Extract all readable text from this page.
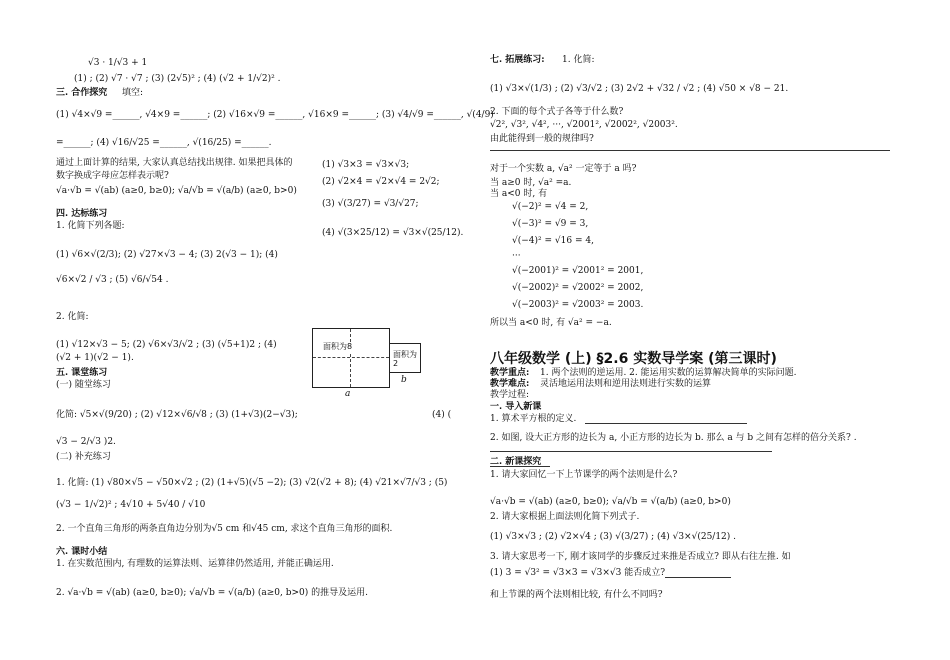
√3 · 1/√3 + 1
(1) ; (2) √7 · √7 ; (3) (2√5)² ; (4) (√2 + 1/√2)² .
三. 合作探究 填空:
(1) √4×√9 =______, √4×9 =______; (2) √16×√9 =______, √16×9 =______; (3) √4/√9 =______, √(4/9)
=______; (4) √16/√25 =______, √(16/25) =______.
通过上面计算的结果, 大家认真总结找出规律. 如果把具体的
数字换成字母应怎样表示呢?
√a·√b = √(ab) (a≥0, b≥0); √a/√b = √(a/b) (a≥0, b>0)
四. 达标练习
1. 化简下列各题:
(1) √6×√(2/3); (2) √27×√3 − 4; (3) 2(√3 − 1); (4)
√6×√2 / √3 ; (5) √6/√54 .
2. 化简:
(1) √12×√3 − 5; (2) √6×√3/√2 ; (3) (√5+1)2 ; (4)
(√2 + 1)(√2 − 1).
五. 课堂练习
(一) 随堂练习
化简: √5×√(9/20) ; (2) √12×√6/√8 ; (3) (1+√3)(2−√3);	(4) (
√3 − 2/√3 )2.
(二) 补充练习
1. 化简: (1) √80×√5 − √50×√2 ; (2) (1+√5)(√5 −2); (3) √2(√2 + 8); (4) √21×√7/√3 ; (5)
(√3 − 1/√2)² ; 4√10 + 5√40 / √10
2. 一个直角三角形的两条直角边分别为√5 cm 和√45 cm, 求这个直角三角形的面积.
六. 课时小结
1. 在实数范围内, 有理数的运算法则、运算律仍然适用, 并能正确运用.
2. √a·√b = √(ab) (a≥0, b≥0); √a/√b = √(a/b) (a≥0, b>0) 的推导及运用.
面积为8
a
面积为2
b
(1) √3×3 = √3×√3;
(2) √2×4 = √2×√4 = 2√2;
(3) √(3/27) = √3/√27;
(4) √(3×25/12) = √3×√(25/12).
七. 拓展练习: 1. 化简:
(1) √3×√(1/3) ; (2) √3/√2 ; (3) 2√2 + √32 / √2 ; (4) √50 × √8 − 21.
2. 下面的每个式子各等于什么数?
√2², √3², √4², ···, √2001², √2002², √2003².
由此能得到一般的规律吗?
对于一个实数 a, √a² 一定等于 a 吗?
当 a≥0 时, √a² =a.
当 a<0 时, 有
√(−2)² = √4 = 2,
√(−3)² = √9 = 3,
√(−4)² = √16 = 4,
···
√(−2001)² = √2001² = 2001,
√(−2002)² = √2002² = 2002,
√(−2003)² = √2003² = 2003.
所以当 a<0 时, 有 √a² = −a.
八年级数学 (上) §2.6 实数导学案 (第三课时)
教学重点: 1. 两个法则的逆运用. 2. 能运用实数的运算解决简单的实际问题.
教学难点: 灵活地运用法则和逆用法则进行实数的运算
教学过程:
一. 导入新课
1. 算术平方根的定义.
2. 如图, 设大正方形的边长为 a, 小正方形的边长为 b. 那么 a 与 b 之间有怎样的倍分关系? .
二. 新课探究
1. 请大家回忆一下上节课学的两个法则是什么?
√a·√b = √(ab) (a≥0, b≥0); √a/√b = √(a/b) (a≥0, b>0)
2. 请大家根据上面法则化简下列式子.
(1) √3×√3 ; (2) √2×√4 ; (3) √(3/27) ; (4) √3×√(25/12) .
3. 请大家思考一下, 刚才该同学的步骤反过来推是否成立? 即从右往左推. 如
(1) 3 = √3² = √3×3 = √3×√3 能否成立?
和上节课的两个法则相比较, 有什么不同吗?
